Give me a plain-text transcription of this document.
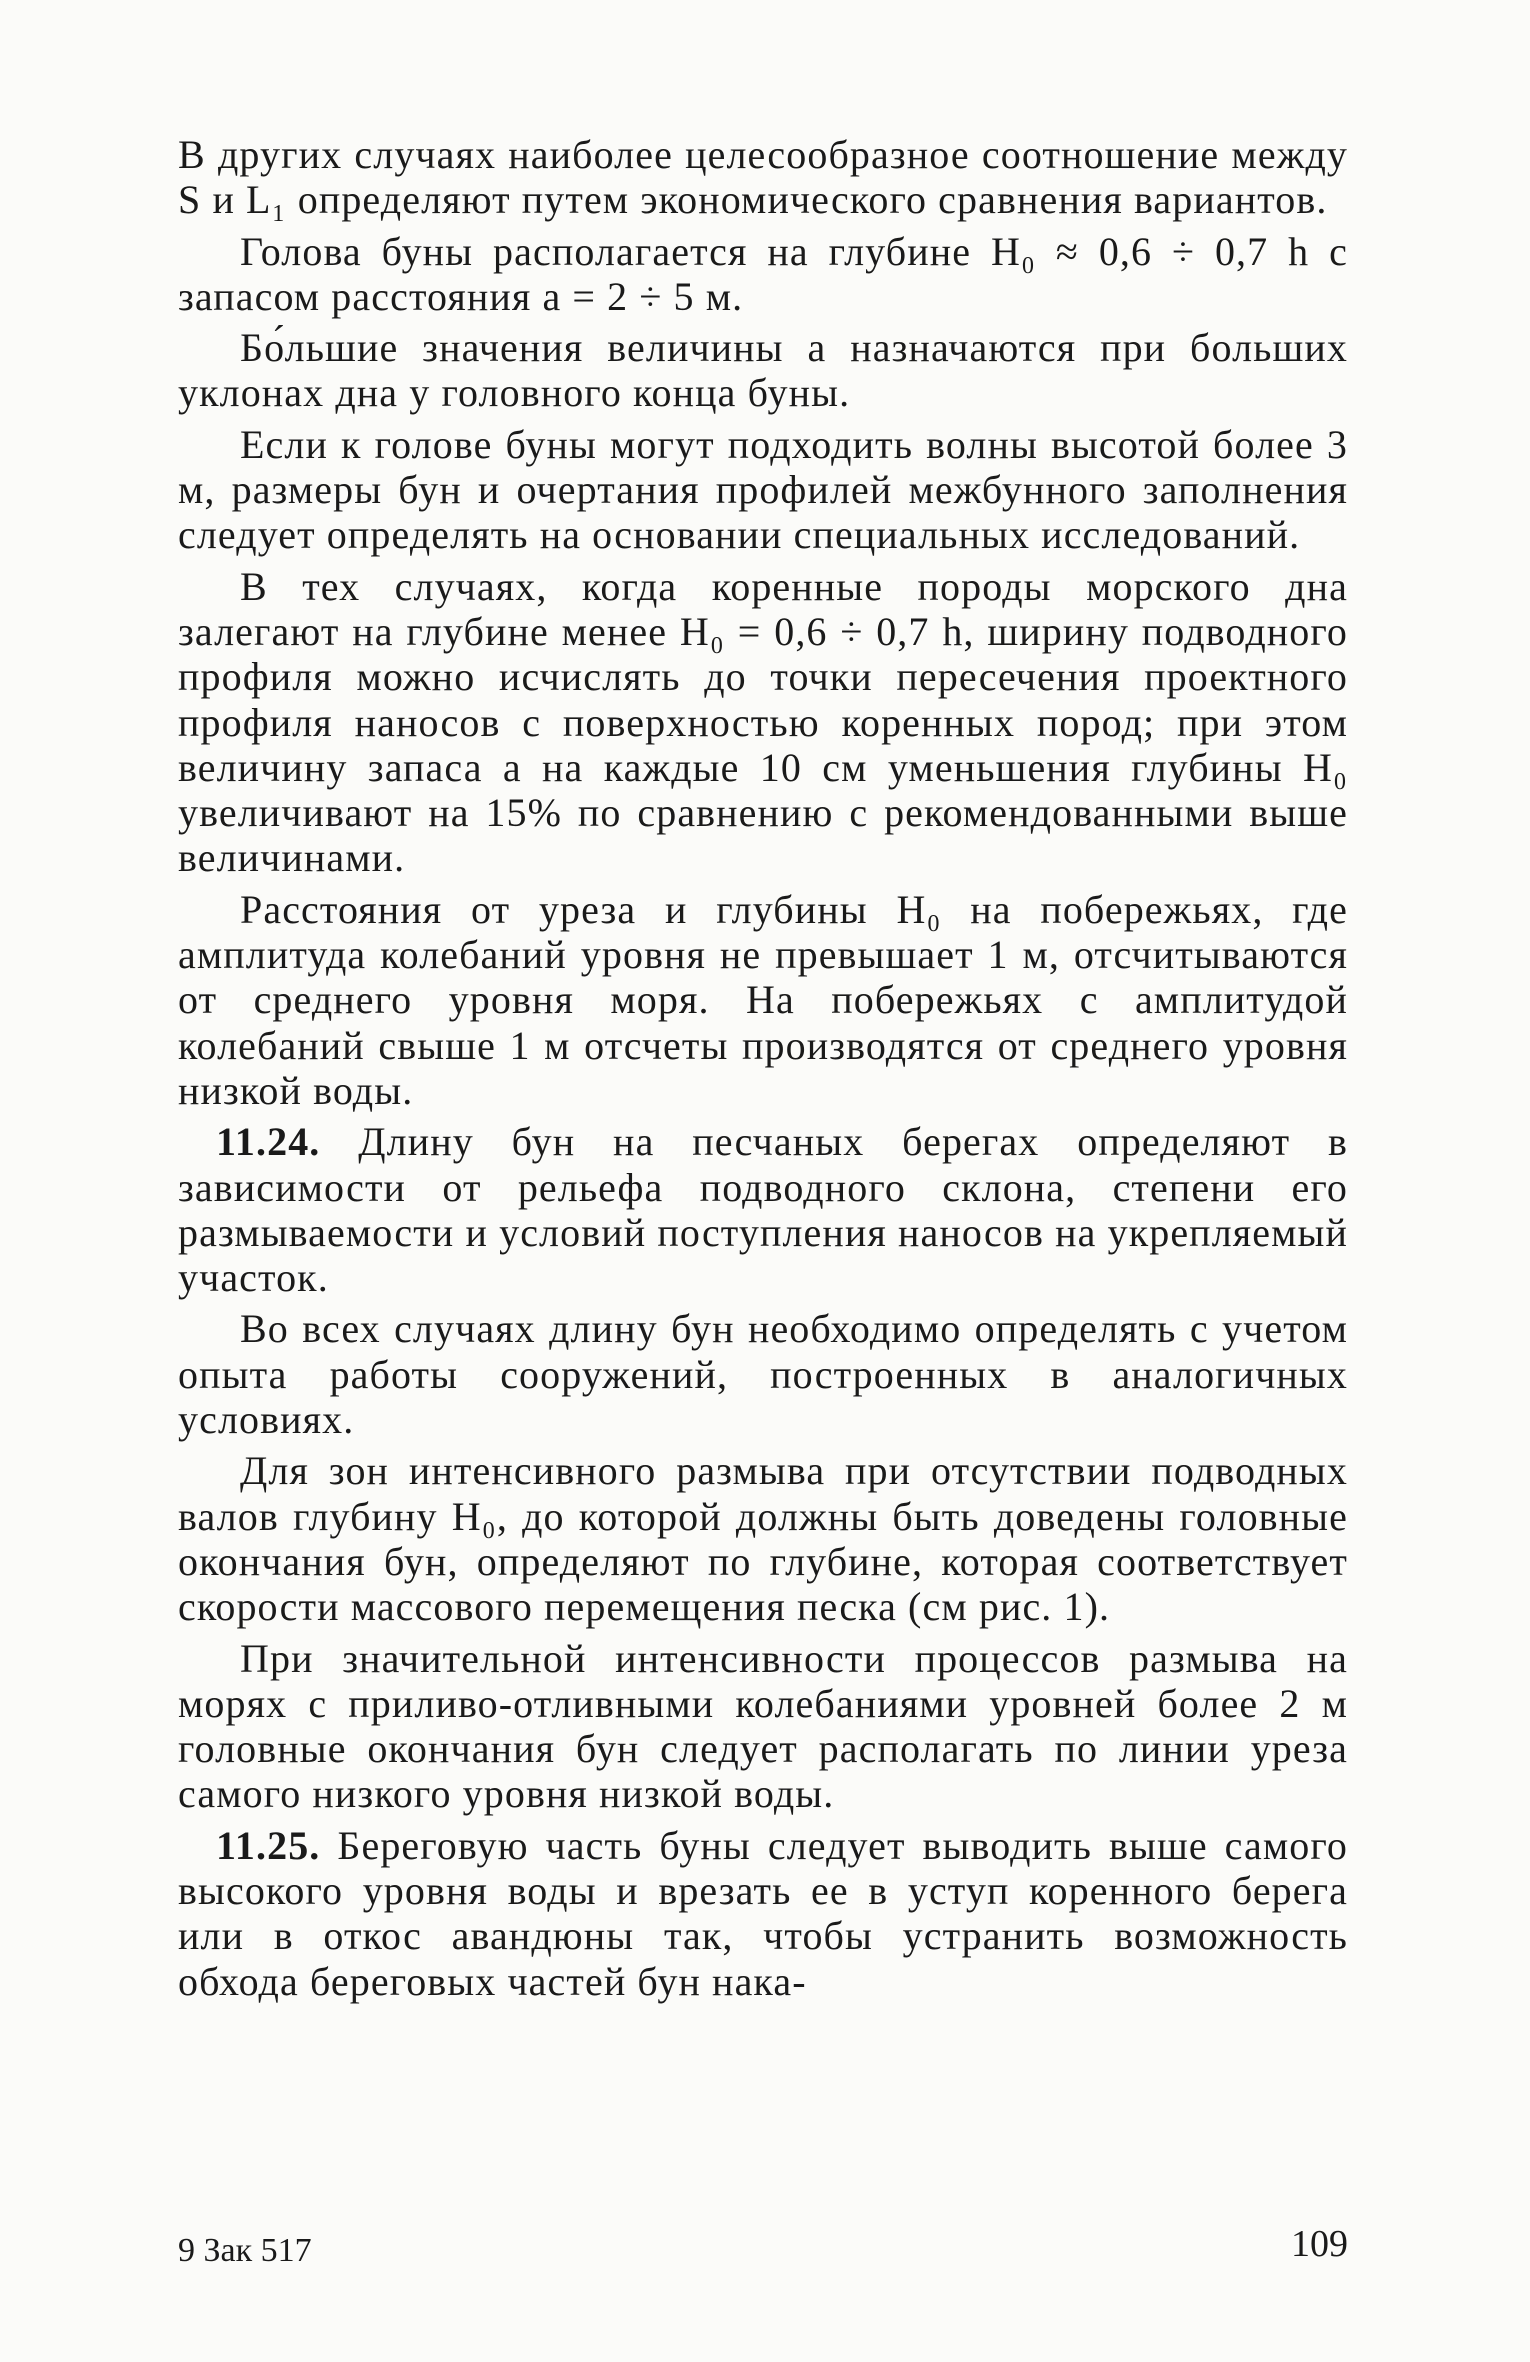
В других случаях наиболее целесообразное соотношение между S и L₁ определяют путем экономического сравнения вариантов.

Голова буны располагается на глубине H₀ ≈ 0,6 ÷ 0,7 h с запасом расстояния a = 2 ÷ 5 м.

Бо́льшие значения величины a назначаются при больших уклонах дна у головного конца буны.

Если к голове буны могут подходить волны высотой более 3 м, размеры бун и очертания профилей межбунного заполнения следует определять на основании специальных исследований.

В тех случаях, когда коренные породы морского дна залегают на глубине менее H₀ = 0,6 ÷ 0,7 h, ширину подводного профиля можно исчислять до точки пересечения проектного профиля наносов с поверхностью коренных пород; при этом величину запаса a на каждые 10 см уменьшения глубины H₀ увеличивают на 15% по сравнению с рекомендованными выше величинами.

Расстояния от уреза и глубины H₀ на побережьях, где амплитуда колебаний уровня не превышает 1 м, отсчитываются от среднего уровня моря. На побережьях с амплитудой колебаний свыше 1 м отсчеты производятся от среднего уровня низкой воды.

11.24. Длину бун на песчаных берегах определяют в зависимости от рельефа подводного склона, степени его размываемости и условий поступления наносов на укрепляемый участок.

Во всех случаях длину бун необходимо определять с учетом опыта работы сооружений, построенных в аналогичных условиях.

Для зон интенсивного размыва при отсутствии подводных валов глубину H₀, до которой должны быть доведены головные окончания бун, определяют по глубине, которая соответствует скорости массового перемещения песка (см рис. 1).

При значительной интенсивности процессов размыва на морях с приливо-отливными колебаниями уровней более 2 м головные окончания бун следует располагать по линии уреза самого низкого уровня низкой воды.

11.25. Береговую часть буны следует выводить выше самого высокого уровня воды и врезать ее в уступ коренного берега или в откос авандюны так, чтобы устранить возможность обхода береговых частей бун нака-

9 Зак 517	109
